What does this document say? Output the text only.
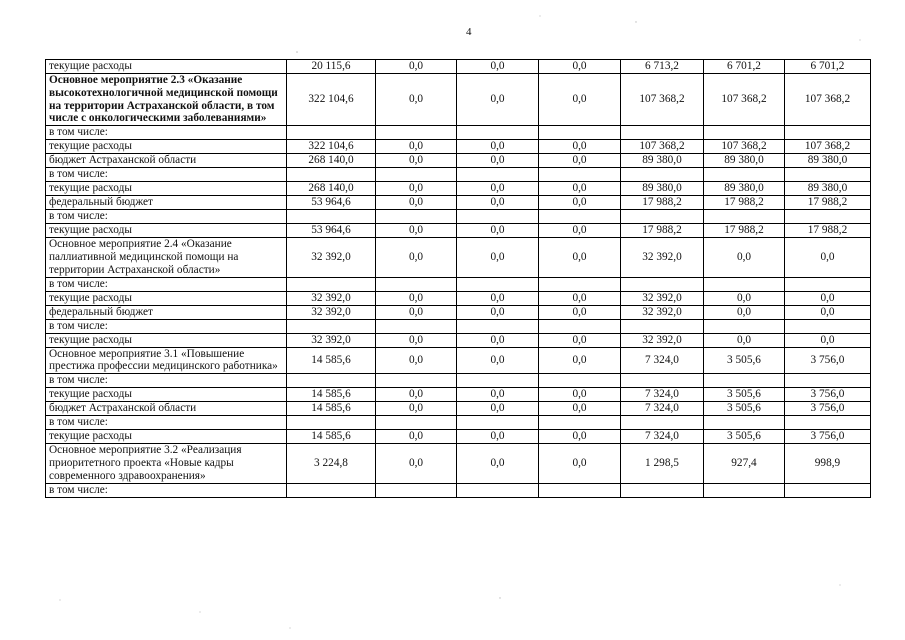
4
текущие расходы	20 115,6	0,0	0,0	0,0	6 713,2	6 701,2	6 701,2
Основное мероприятие 2.3 «Оказание высокотехнологичной медицинской помощи на территории Астраханской области, в том числе с онкологическими заболеваниями»	322 104,6	0,0	0,0	0,0	107 368,2	107 368,2	107 368,2
в том числе:							
текущие расходы	322 104,6	0,0	0,0	0,0	107 368,2	107 368,2	107 368,2
бюджет Астраханской области	268 140,0	0,0	0,0	0,0	89 380,0	89 380,0	89 380,0
в том числе:							
текущие расходы	268 140,0	0,0	0,0	0,0	89 380,0	89 380,0	89 380,0
федеральный бюджет	53 964,6	0,0	0,0	0,0	17 988,2	17 988,2	17 988,2
в том числе:							
текущие расходы	53 964,6	0,0	0,0	0,0	17 988,2	17 988,2	17 988,2
Основное мероприятие 2.4 «Оказание паллиативной медицинской помощи на территории Астраханской области»	32 392,0	0,0	0,0	0,0	32 392,0	0,0	0,0
в том числе:							
текущие расходы	32 392,0	0,0	0,0	0,0	32 392,0	0,0	0,0
федеральный бюджет	32 392,0	0,0	0,0	0,0	32 392,0	0,0	0,0
в том числе:							
текущие расходы	32 392,0	0,0	0,0	0,0	32 392,0	0,0	0,0
Основное мероприятие 3.1 «Повышение престижа профессии медицинского работника»	14 585,6	0,0	0,0	0,0	7 324,0	3 505,6	3 756,0
в том числе:							
текущие расходы	14 585,6	0,0	0,0	0,0	7 324,0	3 505,6	3 756,0
бюджет Астраханской области	14 585,6	0,0	0,0	0,0	7 324,0	3 505,6	3 756,0
в том числе:							
текущие расходы	14 585,6	0,0	0,0	0,0	7 324,0	3 505,6	3 756,0
Основное мероприятие 3.2 «Реализация приоритетного проекта «Новые кадры современного здравоохранения»	3 224,8	0,0	0,0	0,0	1 298,5	927,4	998,9
в том числе:							
